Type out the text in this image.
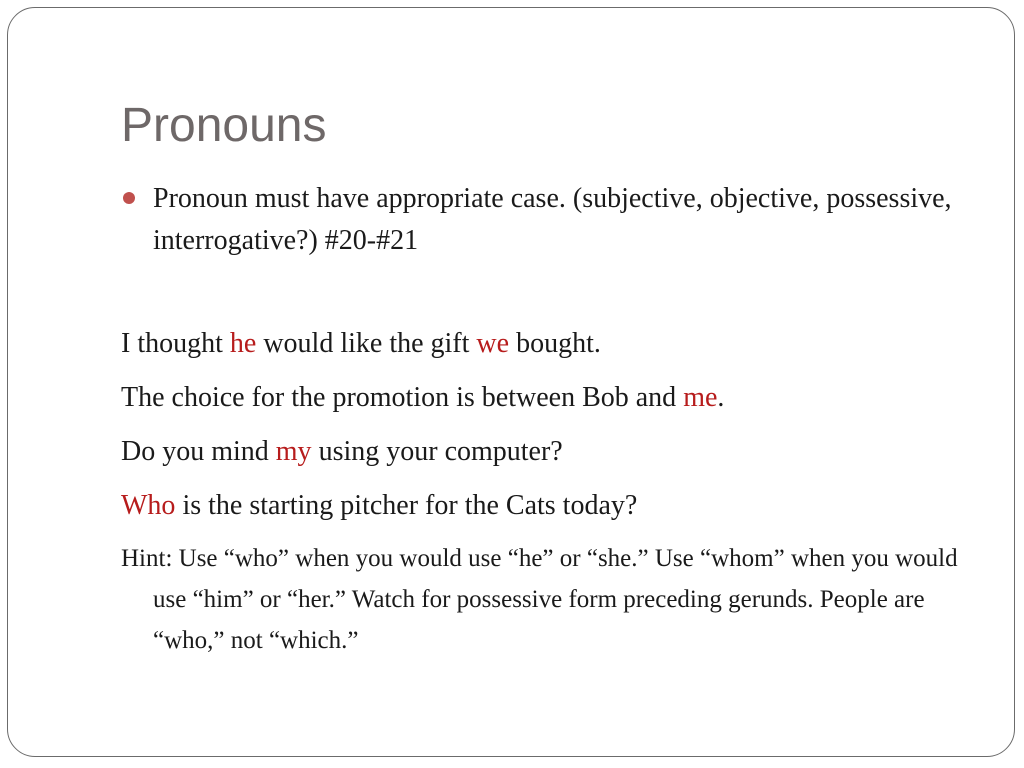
Pronouns

Pronoun must have appropriate case. (subjective, objective, possessive, interrogative?) #20-#21

I thought he would like the gift we bought.

The choice for the promotion is between Bob and me.

Do you mind my using your computer?

Who is the starting pitcher for the Cats today?

Hint: Use “who” when you would use “he” or “she.” Use “whom” when you would use “him” or “her.” Watch for possessive form preceding gerunds. People are “who,” not “which.”
